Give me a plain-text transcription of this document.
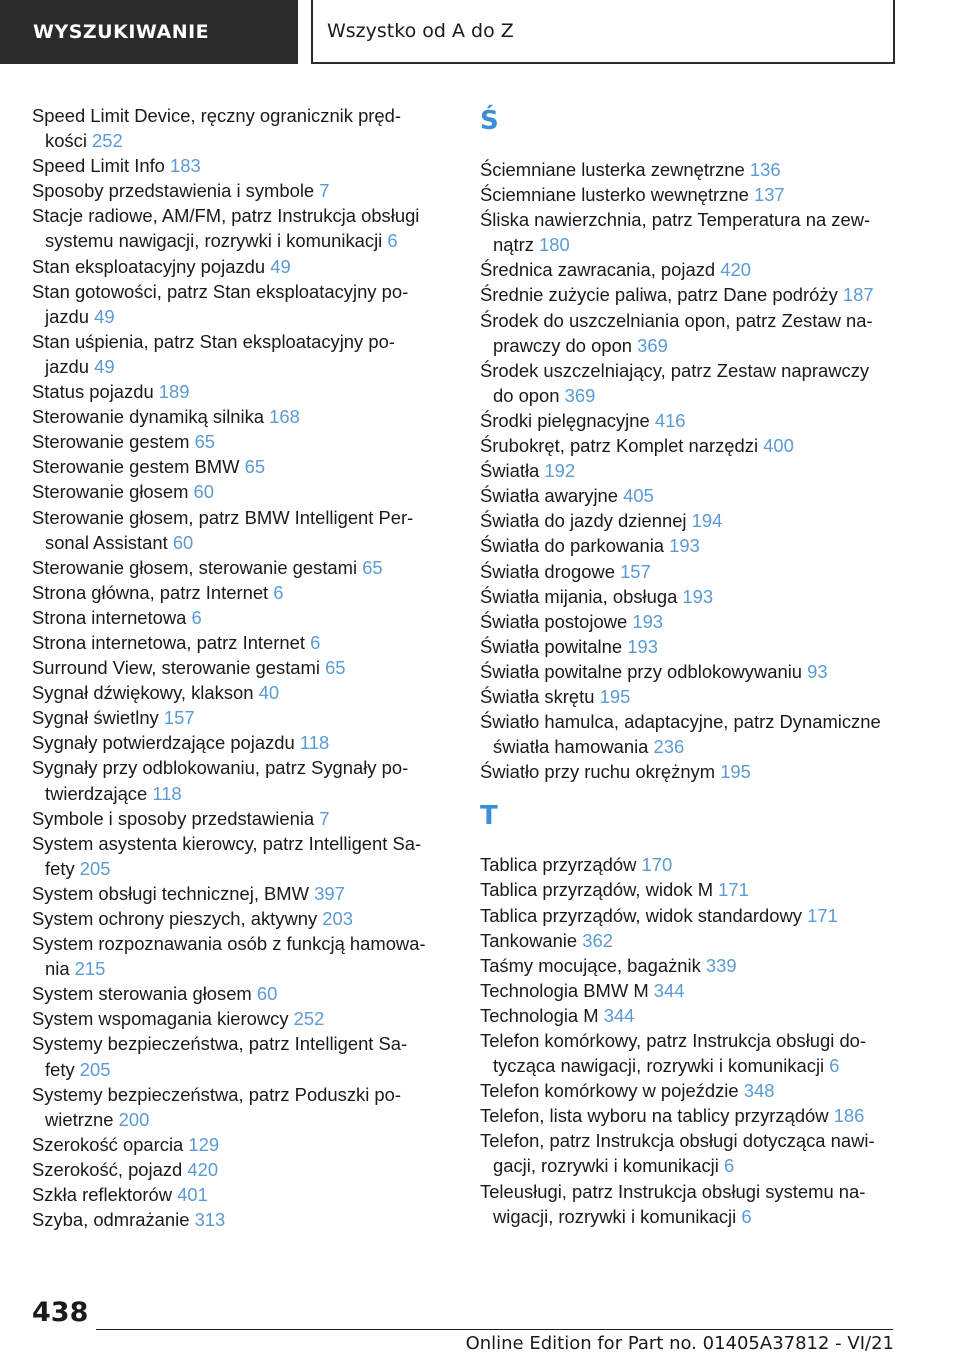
WYSZUKIWANIE	Wszystko od A do Z
Speed Limit Device, ręczny ogranicznik pręd-
kości 252
Speed Limit Info 183
Sposoby przedstawienia i symbole 7
Stacje radiowe, AM/FM, patrz Instrukcja obsługi
systemu nawigacji, rozrywki i komunikacji 6
Stan eksploatacyjny pojazdu 49
Stan gotowości, patrz Stan eksploatacyjny po-
jazdu 49
Stan uśpienia, patrz Stan eksploatacyjny po-
jazdu 49
Status pojazdu 189
Sterowanie dynamiką silnika 168
Sterowanie gestem 65
Sterowanie gestem BMW 65
Sterowanie głosem 60
Sterowanie głosem, patrz BMW Intelligent Per-
sonal Assistant 60
Sterowanie głosem, sterowanie gestami 65
Strona główna, patrz Internet 6
Strona internetowa 6
Strona internetowa, patrz Internet 6
Surround View, sterowanie gestami 65
Sygnał dźwiękowy, klakson 40
Sygnał świetlny 157
Sygnały potwierdzające pojazdu 118
Sygnały przy odblokowaniu, patrz Sygnały po-
twierdzające 118
Symbole i sposoby przedstawienia 7
System asystenta kierowcy, patrz Intelligent Sa-
fety 205
System obsługi technicznej, BMW 397
System ochrony pieszych, aktywny 203
System rozpoznawania osób z funkcją hamowa-
nia 215
System sterowania głosem 60
System wspomagania kierowcy 252
Systemy bezpieczeństwa, patrz Intelligent Sa-
fety 205
Systemy bezpieczeństwa, patrz Poduszki po-
wietrzne 200
Szerokość oparcia 129
Szerokość, pojazd 420
Szkła reflektorów 401
Szyba, odmrażanie 313
Ś
Ściemniane lusterka zewnętrzne 136
Ściemniane lusterko wewnętrzne 137
Śliska nawierzchnia, patrz Temperatura na zew-
nątrz 180
Średnica zawracania, pojazd 420
Średnie zużycie paliwa, patrz Dane podróży 187
Środek do uszczelniania opon, patrz Zestaw na-
prawczy do opon 369
Środek uszczelniający, patrz Zestaw naprawczy
do opon 369
Środki pielęgnacyjne 416
Śrubokręt, patrz Komplet narzędzi 400
Światła 192
Światła awaryjne 405
Światła do jazdy dziennej 194
Światła do parkowania 193
Światła drogowe 157
Światła mijania, obsługa 193
Światła postojowe 193
Światła powitalne 193
Światła powitalne przy odblokowywaniu 93
Światła skrętu 195
Światło hamulca, adaptacyjne, patrz Dynamiczne
światła hamowania 236
Światło przy ruchu okrężnym 195
T
Tablica przyrządów 170
Tablica przyrządów, widok M 171
Tablica przyrządów, widok standardowy 171
Tankowanie 362
Taśmy mocujące, bagażnik 339
Technologia BMW M 344
Technologia M 344
Telefon komórkowy, patrz Instrukcja obsługi do-
tycząca nawigacji, rozrywki i komunikacji 6
Telefon komórkowy w pojeździe 348
Telefon, lista wyboru na tablicy przyrządów 186
Telefon, patrz Instrukcja obsługi dotycząca nawi-
gacji, rozrywki i komunikacji 6
Teleusługi, patrz Instrukcja obsługi systemu na-
wigacji, rozrywki i komunikacji 6
438
Online Edition for Part no. 01405A37812 - VI/21
